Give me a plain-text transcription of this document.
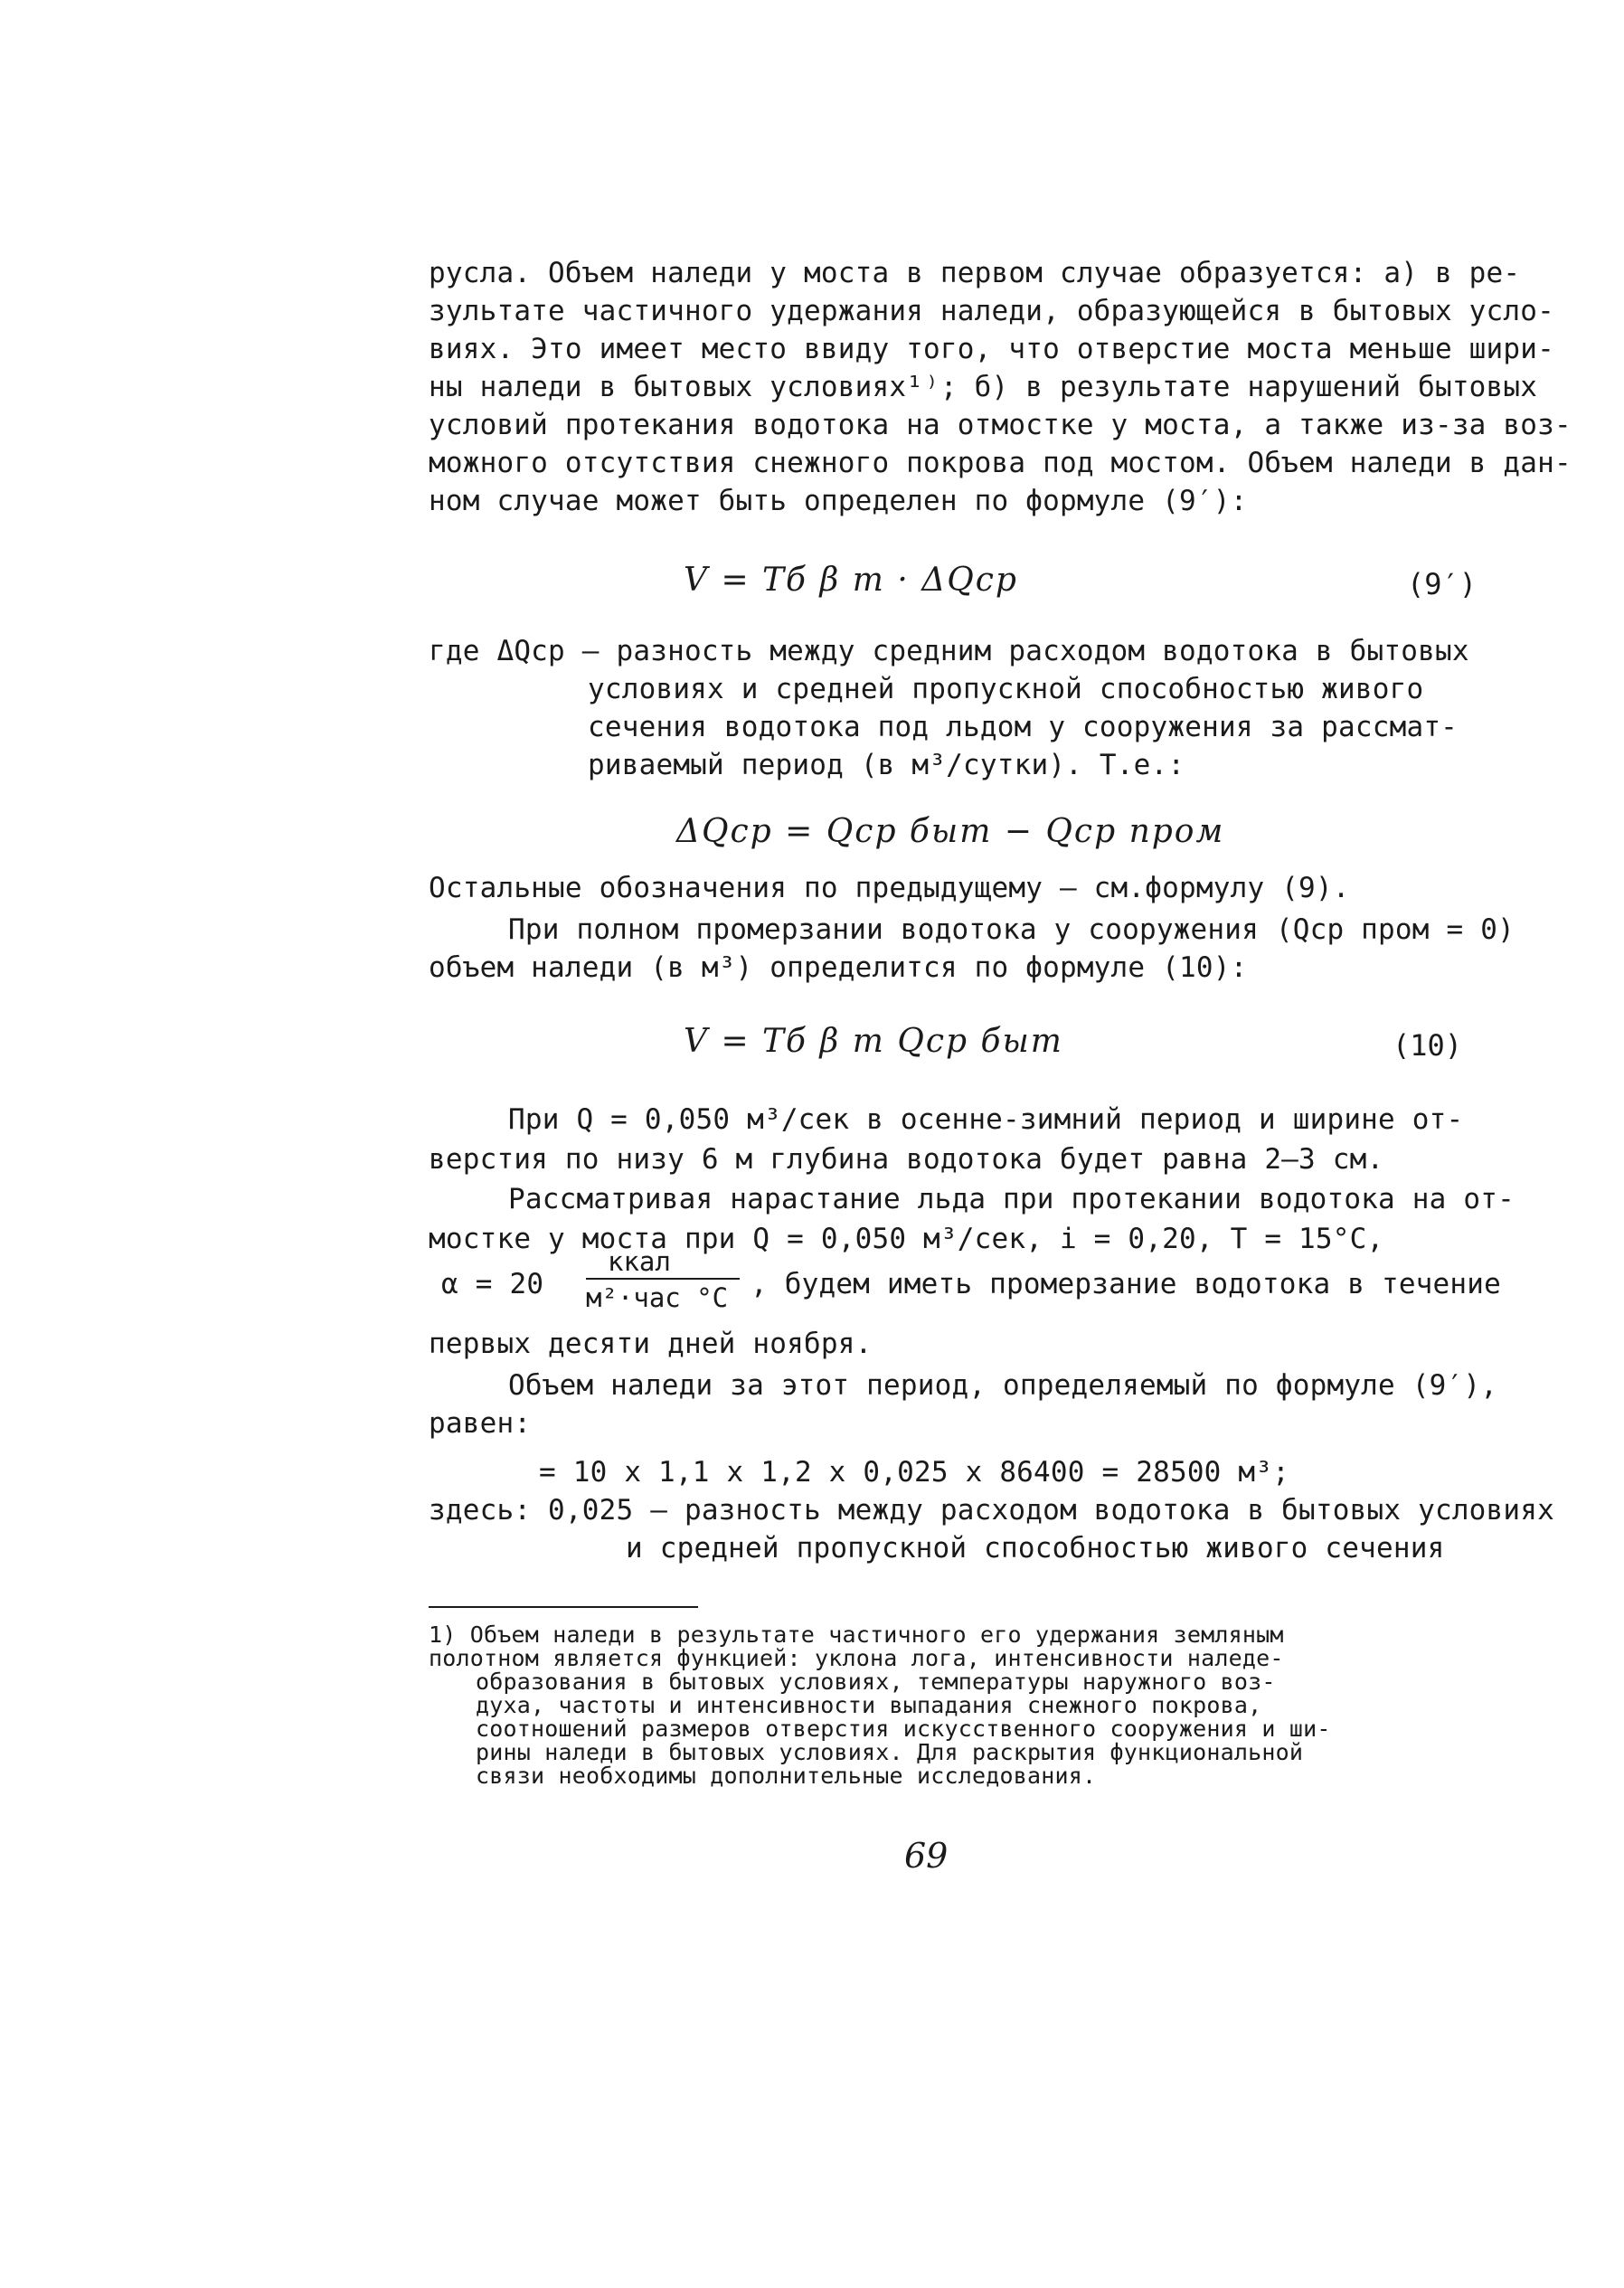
русла. Объем наледи у моста в первом случае образуется: а) в ре-
зультате частичного удержания наледи, образующейся в бытовых усло-
виях. Это имеет место ввиду того, что отверстие моста меньше шири-
ны наледи в бытовых условиях¹⁾; б) в результате нарушений бытовых
условий протекания водотока на отмостке у моста, а также из-за воз-
можного отсутствия снежного покрова под мостом. Объем наледи в дан-
ном случае может быть определен по формуле (9′):
V = Tб β m · ΔQср	(9′)
где ΔQср – разность между средним расходом водотока в бытовых
условиях и средней пропускной способностью живого
сечения водотока под льдом у сооружения за рассмат-
риваемый период (в м³/сутки). Т.е.:
ΔQср = Qср быт − Qср пром
Остальные обозначения по предыдущему – см.формулу (9).
При полном промерзании водотока у сооружения (Qср пром = 0)
объем наледи (в м³) определится по формуле (10):
V = Tб β m Qср быт	(10)
При Q = 0,050 м³/сек в осенне-зимний период и ширине от-
верстия по низу 6 м глубина водотока будет равна 2–3 см.
Рассматривая нарастание льда при протекании водотока на от-
мостке у моста при Q = 0,050 м³/сек, i = 0,20, T = 15°С,
α = 20
ккал
м²·час °С , будем иметь промерзание водотока в течение
первых десяти дней ноября.
Объем наледи за этот период, определяемый по формуле (9′),
равен:
= 10 x 1,1 x 1,2 x 0,025 x 86400 = 28500 м³;
здесь: 0,025 – разность между расходом водотока в бытовых условиях
и средней пропускной способностью живого сечения
1) Объем наледи в результате частичного его удержания земляным
полотном является функцией: уклона лога, интенсивности наледе-
образования в бытовых условиях, температуры наружного воз-
духа, частоты и интенсивности выпадания снежного покрова,
соотношений размеров отверстия искусственного сооружения и ши-
рины наледи в бытовых условиях. Для раскрытия функциональной
связи необходимы дополнительные исследования.
69
